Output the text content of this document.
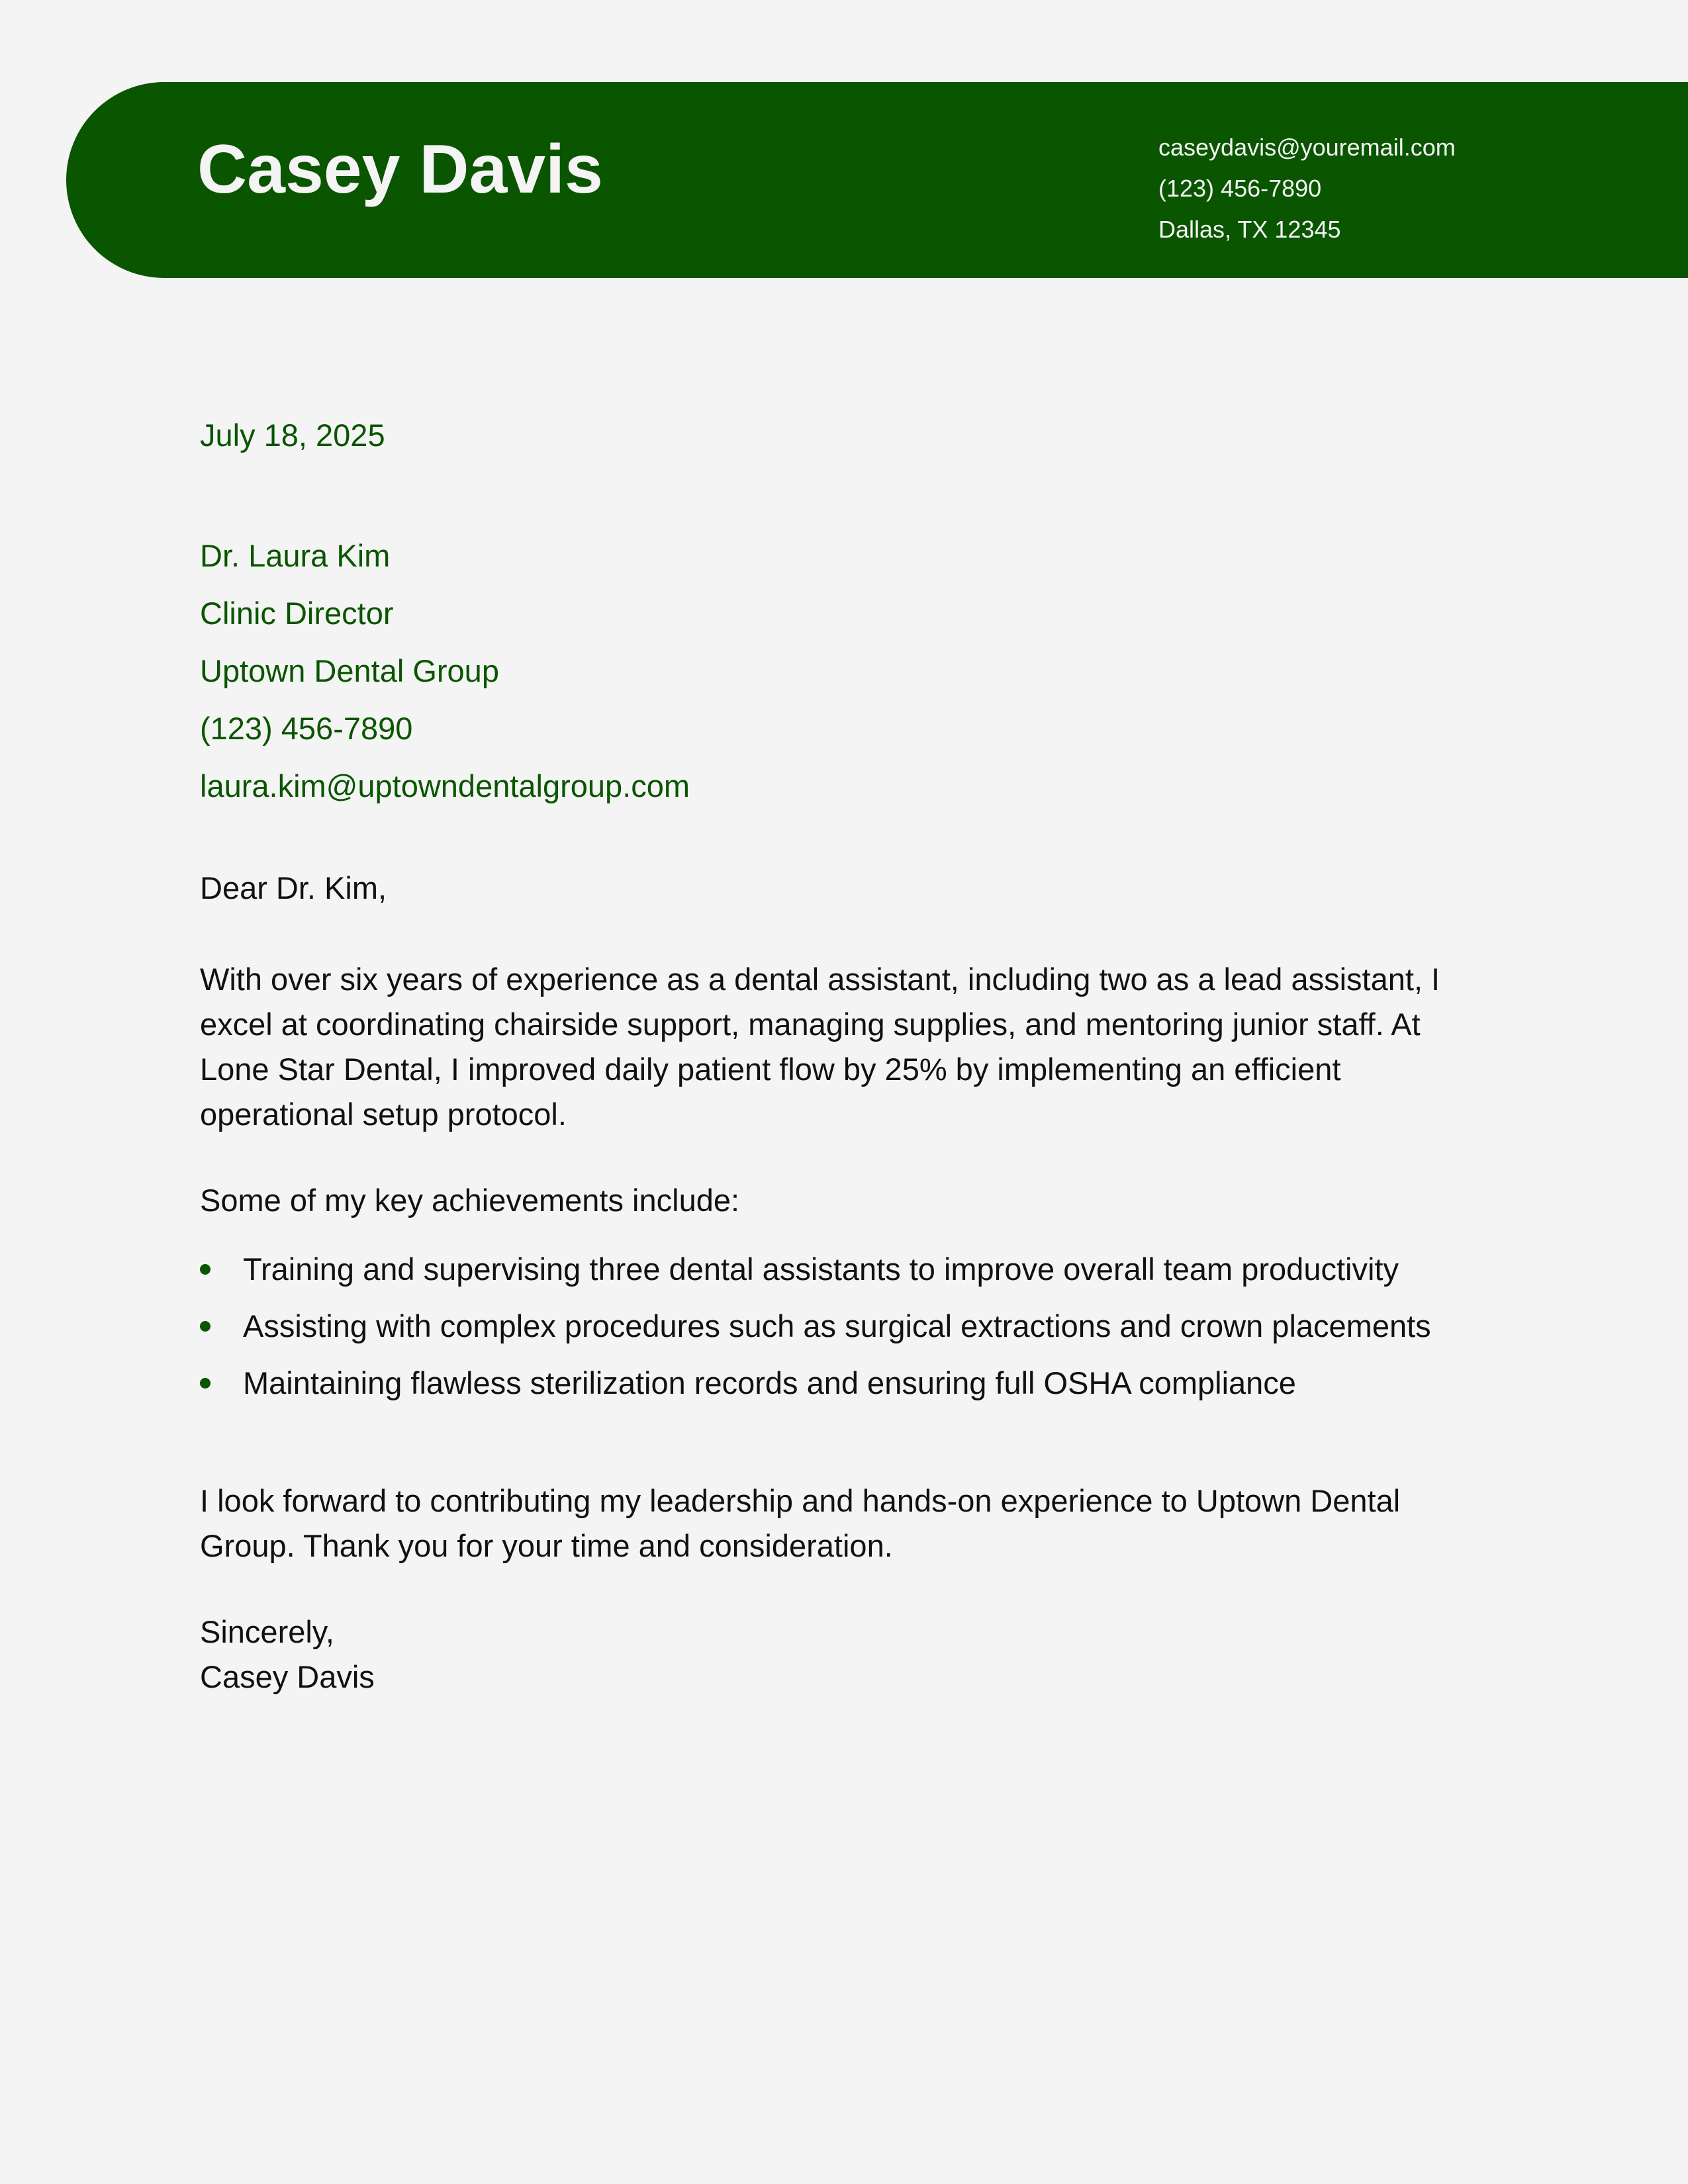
Casey Davis	caseydavis@youremail.com
(123) 456-7890
Dallas, TX 12345
July 18, 2025
Dr. Laura Kim
Clinic Director
Uptown Dental Group
(123) 456-7890
laura.kim@uptowndentalgroup.com
Dear Dr. Kim,

With over six years of experience as a dental assistant, including two as a lead assistant, I excel at coordinating chairside support, managing supplies, and mentoring junior staff. At Lone Star Dental, I improved daily patient flow by 25% by implementing an efficient operational setup protocol.

Some of my key achievements include:

Training and supervising three dental assistants to improve overall team productivity
Assisting with complex procedures such as surgical extractions and crown placements
Maintaining flawless sterilization records and ensuring full OSHA compliance

I look forward to contributing my leadership and hands-on experience to Uptown Dental Group. Thank you for your time and consideration.

Sincerely,
Casey Davis
